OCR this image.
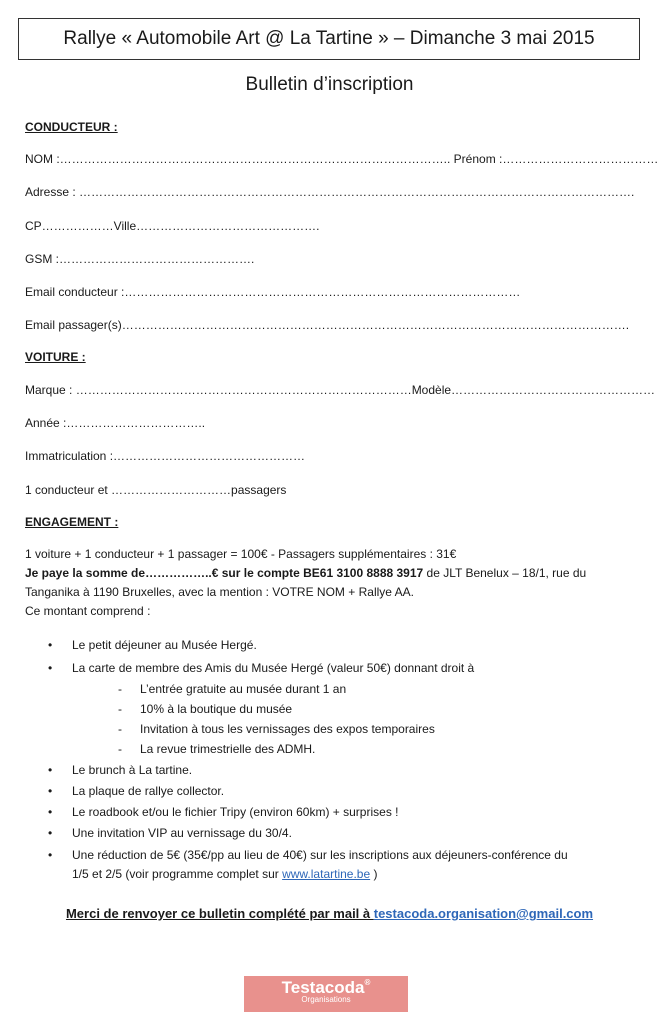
Rallye « Automobile Art @ La Tartine » – Dimanche 3 mai 2015
Bulletin d’inscription
CONDUCTEUR :
NOM :…………………………………………………………………………………….. Prénom :…………………………………
Adresse : ………………………………………………………………………………………………………………………….
CP………………Ville……………………………………….
GSM :………………………………………….
Email conducteur :………………………………………………………………………………………
Email passager(s)……………………………………………………………………………………………………………….
VOITURE :
Marque : …………………………………………………………………………Modèle……………………………………………
Année :……………………………..
Immatriculation :…………………………………………
1 conducteur et …………………………passagers
ENGAGEMENT :
1 voiture + 1 conducteur + 1 passager = 100€ - Passagers supplémentaires : 31€
Je paye la somme de……………..€ sur le compte BE61 3100 8888 3917 de JLT Benelux – 18/1, rue du
Tanganika à 1190 Bruxelles, avec la mention : VOTRE NOM + Rallye AA.
Ce montant comprend :
• Le petit déjeuner au Musée Hergé.
• La carte de membre des Amis du Musée Hergé (valeur 50€) donnant droit à
- L’entrée gratuite au musée durant 1 an
- 10% à la boutique du musée
- Invitation à tous les vernissages des expos temporaires
- La revue trimestrielle des ADMH.
• Le brunch à La tartine.
• La plaque de rallye collector.
• Le roadbook et/ou le fichier Tripy (environ 60km) + surprises !
• Une invitation VIP au vernissage du 30/4.
• Une réduction de 5€ (35€/pp au lieu de 40€) sur les inscriptions aux déjeuners-conférence du
1/5 et 2/5 (voir programme complet sur www.latartine.be )
Merci de renvoyer ce bulletin complété par mail à testacoda.organisation@gmail.com
Testacoda®
Organisations
